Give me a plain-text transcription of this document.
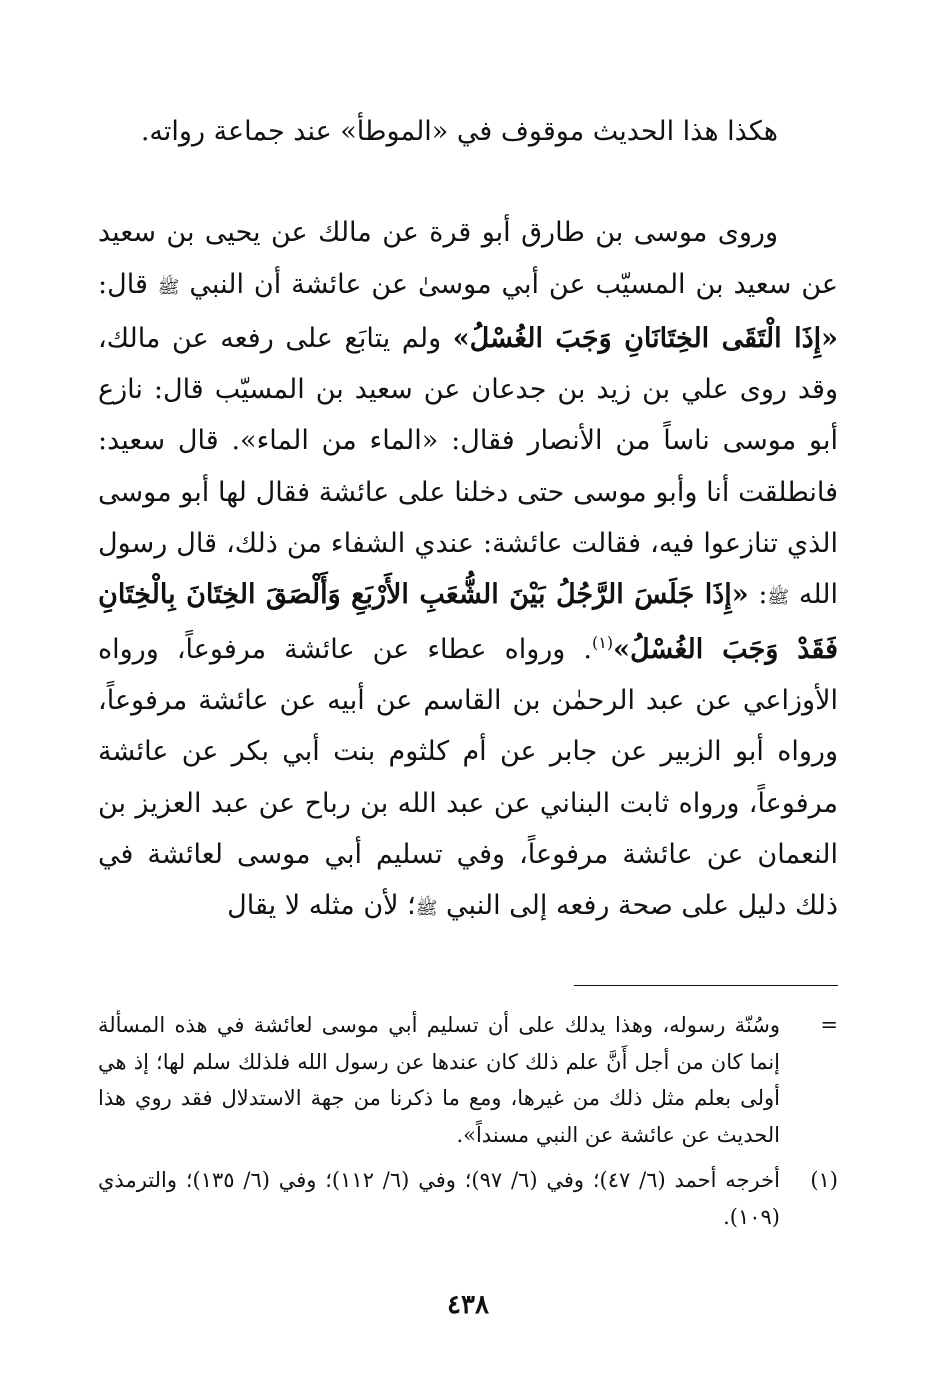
هكذا هذا الحديث موقوف في «الموطأ» عند جماعة رواته.

وروى موسى بن طارق أبو قرة عن مالك عن يحيى بن سعيد عن سعيد بن المسيّب عن أبي موسىٰ عن عائشة أن النبي ﷺ قال: «إِذَا الْتَقَى الخِتَانَانِ وَجَبَ الغُسْلُ» ولم يتابَع على رفعه عن مالك، وقد روى علي بن زيد بن جدعان عن سعيد بن المسيّب قال: نازع أبو موسى ناساً من الأنصار فقال: «الماء من الماء». قال سعيد: فانطلقت أنا وأبو موسى حتى دخلنا على عائشة فقال لها أبو موسى الذي تنازعوا فيه، فقالت عائشة: عندي الشفاء من ذلك، قال رسول الله ﷺ: «إِذَا جَلَسَ الرَّجُلُ بَيْنَ الشُّعَبِ الأَرْبَعِ وَأَلْصَقَ الخِتَانَ بِالْخِتَانِ فَقَدْ وَجَبَ الغُسْلُ»$^{(١)}$. ورواه عطاء عن عائشة مرفوعاً، ورواه الأوزاعي عن عبد الرحمٰن بن القاسم عن أبيه عن عائشة مرفوعاً، ورواه أبو الزبير عن جابر عن أم كلثوم بنت أبي بكر عن عائشة مرفوعاً، ورواه ثابت البناني عن عبد الله بن رباح عن عبد العزيز بن النعمان عن عائشة مرفوعاً، وفي تسليم أبي موسى لعائشة في ذلك دليل على صحة رفعه إلى النبي ﷺ؛ لأن مثله لا يقال

=
وسُنّة رسوله، وهذا يدلك على أن تسليم أبي موسى لعائشة في هذه المسألة إنما كان من أجل أَنَّ علم ذلك كان عندها عن رسول الله فلذلك سلم لها؛ إذ هي أولى بعلم مثل ذلك من غيرها، ومع ما ذكرنا من جهة الاستدلال فقد روي هذا الحديث عن عائشة عن النبي مسنداً».

(١)
أخرجه أحمد (٦/ ٤٧)؛ وفي (٦/ ٩٧)؛ وفي (٦/ ١١٢)؛ وفي (٦/ ١٣٥)؛ والترمذي (١٠٩).

٤٣٨
